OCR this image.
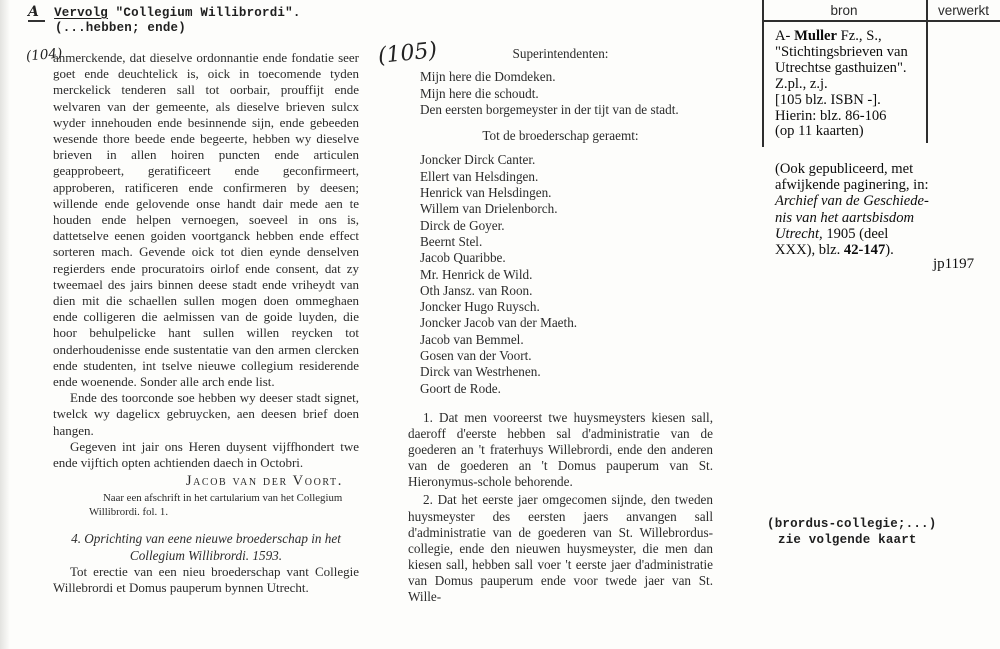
A Vervolg "Collegium Willibrordi".
(...hebben; ende)

(104)
anmerckende, dat dieselve ordonnantie ende fondatie seer goet ende deuchtelick is, oick in toecomende tyden merckelick tenderen sall tot oorbair, prouffijt ende welvaren van der gemeente, als dieselve brieven sulcx wyder innehouden ende besinnende sijn, ende gebeeden wesende thore beede ende begeerte, hebben wy dieselve brieven in allen hoiren puncten ende articulen geapprobeert, geratificeert ende geconfirmeert, approberen, ratificeren ende confirmeren by deesen; willende ende gelovende onse handt dair mede aen te houden ende helpen vernoegen, soeveel in ons is, dattetselve eenen goiden voortganck hebben ende effect sorteren mach. Gevende oick tot dien eynde denselven regierders ende procuratoirs oirlof ende consent, dat zy tweemael des jairs binnen deese stadt ende vriheydt van dien mit die schaellen sullen mogen doen ommeghaen ende colligeren die aelmissen van de goide luyden, die hoor behulpelicke hant sullen willen reycken tot onderhoudenisse ende sustentatie van den armen clercken ende studenten, int tselve nieuwe collegium residerende ende woenende. Sonder alle arch ende list.

Ende des toorconde soe hebben wy deeser stadt signet, twelck wy dagelicx gebruycken, aen deesen brief doen hangen.

Gegeven int jair ons Heren duysent vijffhondert twe ende vijftich opten achtienden daech in Octobri.

Jacob van der Voort.
Naar een afschrift in het cartularium van het Collegium Willibrordi. fol. 1.
4. Oprichting van eene nieuwe broederschap in het Collegium Willibrordi. 1593.

Tot erectie van een nieu broederschap vant Collegie Willebrordi et Domus pauperum bynnen Utrecht.

(105)	Superintendenten:
Mijn here die Domdeken.
Mijn here die schoudt.
Den eersten borgemeyster in der tijt van de stadt.
Tot de broederschap geraemt:
Joncker Dirck Canter.
Ellert van Helsdingen.
Henrick van Helsdingen.
Willem van Drielenborch.
Dirck de Goyer.
Beernt Stel.
Jacob Quaribbe.
Mr. Henrick de Wild.
Oth Jansz. van Roon.
Joncker Hugo Ruysch.
Joncker Jacob van der Maeth.
Jacob van Bemmel.
Gosen van der Voort.
Dirck van Westrhenen.
Goort de Rode.

1. Dat men vooreerst twe huysmeysters kiesen sall, daeroff d'eerste hebben sal d'administratie van de goederen an 't fraterhuys Willebrordi, ende den anderen van de goederen an 't Domus pauperum van St. Hieronymus-schole behorende.

2. Dat het eerste jaer omgecomen sijnde, den tweden huysmeyster des eersten jaers anvangen sall d'administratie van de goederen van St. Willebrordus-collegie, ende den nieuwen huysmeyster, die men dan kiesen sall, hebben sall voer 't eerste jaer d'administratie van Domus pauperum ende voor twede jaer van St. Wille-

bron	verwerkt
A- Muller Fz., S.,
"Stichtingsbrieven van
Utrechtse gasthuizen".
Z.pl., z.j.
[105 blz. ISBN -].
Hierin: blz. 86-106
(op 11 kaarten)
(Ook gepubliceerd, met
afwijkende paginering, in:
Archief van de Geschiede-
nis van het aartsbisdom
Utrecht, 1905 (deel
XXX), blz. 42-147).
jp1197
(brordus-collegie;...)
zie volgende kaart
